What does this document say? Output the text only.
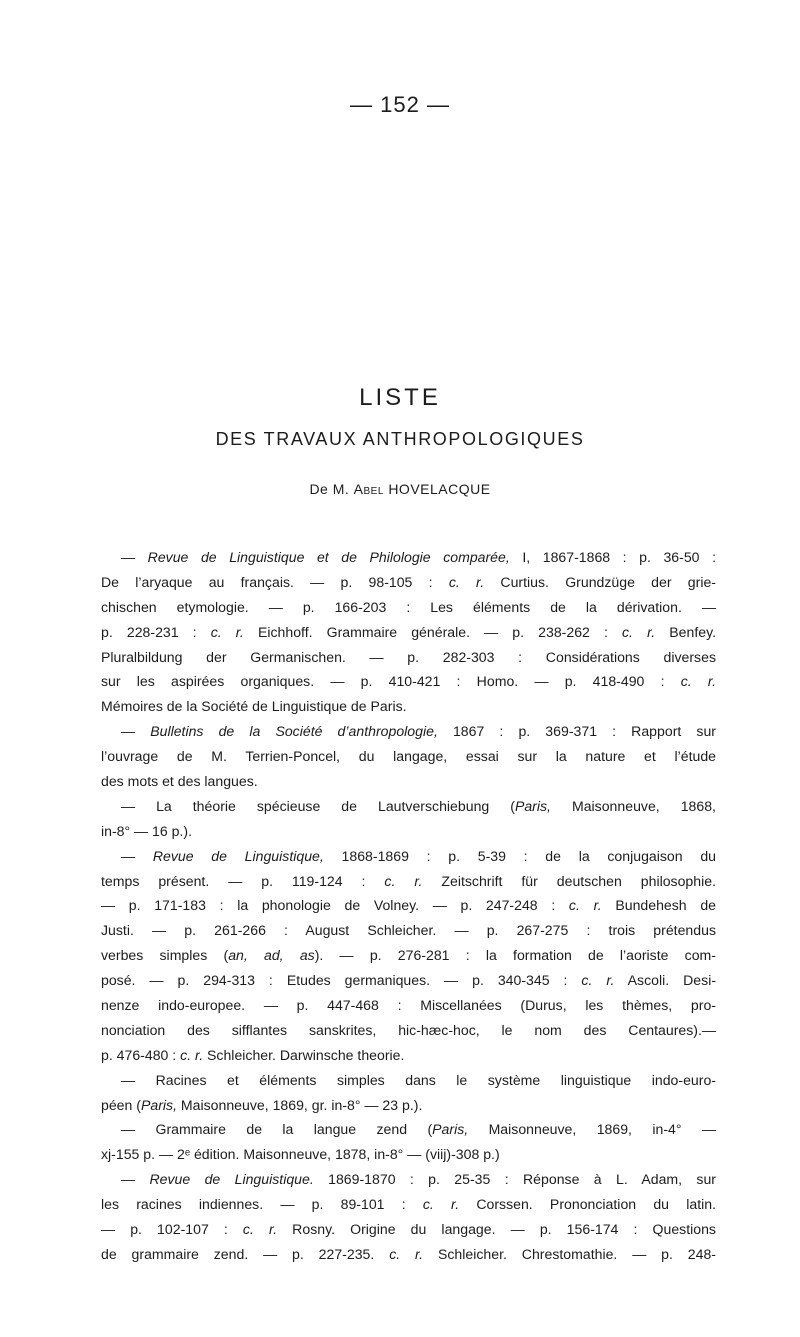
— 152 —
LISTE
DES TRAVAUX ANTHROPOLOGIQUES
De M. Abel HOVELACQUE
— Revue de Linguistique et de Philologie comparée, I, 1867-1868 : p. 36-50 :
De l’aryaque au français. — p. 98-105 : c. r. Curtius. Grundzüge der grie-
chischen etymologie. — p. 166-203 : Les éléments de la dérivation. —
p. 228-231 : c. r. Eichhoff. Grammaire générale. — p. 238-262 : c. r. Benfey.
Pluralbildung der Germanischen. — p. 282-303 : Considérations diverses
sur les aspirées organiques. — p. 410-421 : Homo. — p. 418-490 : c. r.
Mémoires de la Société de Linguistique de Paris.
— Bulletins de la Société d’anthropologie, 1867 : p. 369-371 : Rapport sur
l’ouvrage de M. Terrien-Poncel, du langage, essai sur la nature et l’étude
des mots et des langues.
— La théorie spécieuse de Lautverschiebung (Paris, Maisonneuve, 1868,
in-8° — 16 p.).
— Revue de Linguistique, 1868-1869 : p. 5-39 : de la conjugaison du
temps présent. — p. 119-124 : c. r. Zeitschrift für deutschen philosophie.
— p. 171-183 : la phonologie de Volney. — p. 247-248 : c. r. Bundehesh de
Justi. — p. 261-266 : August Schleicher. — p. 267-275 : trois prétendus
verbes simples (an, ad, as). — p. 276-281 : la formation de l’aoriste com-
posé. — p. 294-313 : Etudes germaniques. — p. 340-345 : c. r. Ascoli. Desi-
nenze indo-europee. — p. 447-468 : Miscellanées (Durus, les thèmes, pro-
nonciation des sifflantes sanskrites, hic-hæc-hoc, le nom des Centaures).—
p. 476-480 : c. r. Schleicher. Darwinsche theorie.
— Racines et éléments simples dans le système linguistique indo-euro-
péen (Paris, Maisonneuve, 1869, gr. in-8° — 23 p.).
— Grammaire de la langue zend (Paris, Maisonneuve, 1869, in-4° —
xj-155 p. — 2ᵉ édition. Maisonneuve, 1878, in-8° — (viij)-308 p.)
— Revue de Linguistique. 1869-1870 : p. 25-35 : Réponse à L. Adam, sur
les racines indiennes. — p. 89-101 : c. r. Corssen. Prononciation du latin.
— p. 102-107 : c. r. Rosny. Origine du langage. — p. 156-174 : Questions
de grammaire zend. — p. 227-235. c. r. Schleicher. Chrestomathie. — p. 248-
